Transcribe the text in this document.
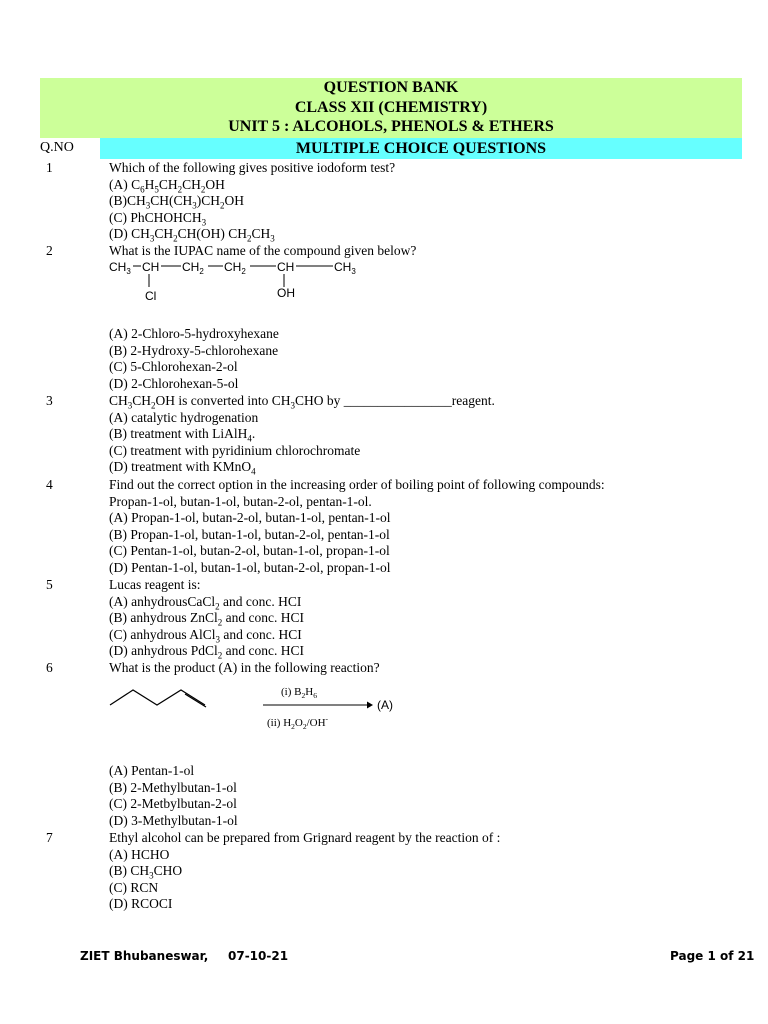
QUESTION BANK
CLASS XII (CHEMISTRY)
UNIT 5 : ALCOHOLS, PHENOLS & ETHERS
Q.NO	MULTIPLE CHOICE QUESTIONS
1	Which of the following gives positive iodoform test?
(A) $C_6H_5CH_2CH_2OH$
$(B)CH_3CH(CH_3)CH_2OH$
(C) PhCHOHCH$_3$
(D) $CH_3CH_2CH(OH)$ $CH_2CH_3$
2	What is the IUPAC name of the compound given below?
$CH_3$ CH $CH_2$ $CH_2$	CH	$CH_3$
Cl	OH
(A) 2-Chloro-5-hydroxyhexane
(B) 2-Hydroxy-5-chlorohexane
(C) 5-Chlorohexan-2-ol
(D) 2-Chlorohexan-5-ol
3	$CH_3CH_2OH$ is converted into $CH_3CHO$ by ________________reagent.
(A) catalytic hydrogenation
(B) treatment with LiAlH$_4$.
(C) treatment with pyridinium chlorochromate
(D) treatment with KMnO$_4$
4	Find out the correct option in the increasing order of boiling point of following compounds:
Propan-1-ol, butan-1-ol, butan-2-ol, pentan-1-ol.
(A) Propan-1-ol, butan-2-ol, butan-1-ol, pentan-1-ol
(B) Propan-1-ol, butan-1-ol, butan-2-ol, pentan-1-ol
(C) Pentan-1-ol, butan-2-ol, butan-1-ol, propan-1-ol
(D) Pentan-1-ol, butan-1-ol, butan-2-ol, propan-1-ol
5	Lucas reagent is:
(A) anhydrousCaCl$_2$ and conc. HCI
(B) anhydrous ZnCl$_2$ and conc. HCI
(C) anhydrous AlCl$_3$ and conc. HCI
(D) anhydrous PdCl$_2$ and conc. HCI
6	What is the product (A) in the following reaction?
(i) $B_2H_6$
(ii) $H_2O_2/OH^-$
(A)
(A) Pentan-1-ol
(B) 2-Methylbutan-1-ol
(C) 2-Metbylbutan-2-ol
(D) 3-Methylbutan-1-ol
7	Ethyl alcohol can be prepared from Grignard reagent by the reaction of :
(A) HCHO
(B) $CH_3CHO$
(C) RCN
(D) RCOCI
ZIET Bhubaneswar, 07-10-21	Page 1 of 21
